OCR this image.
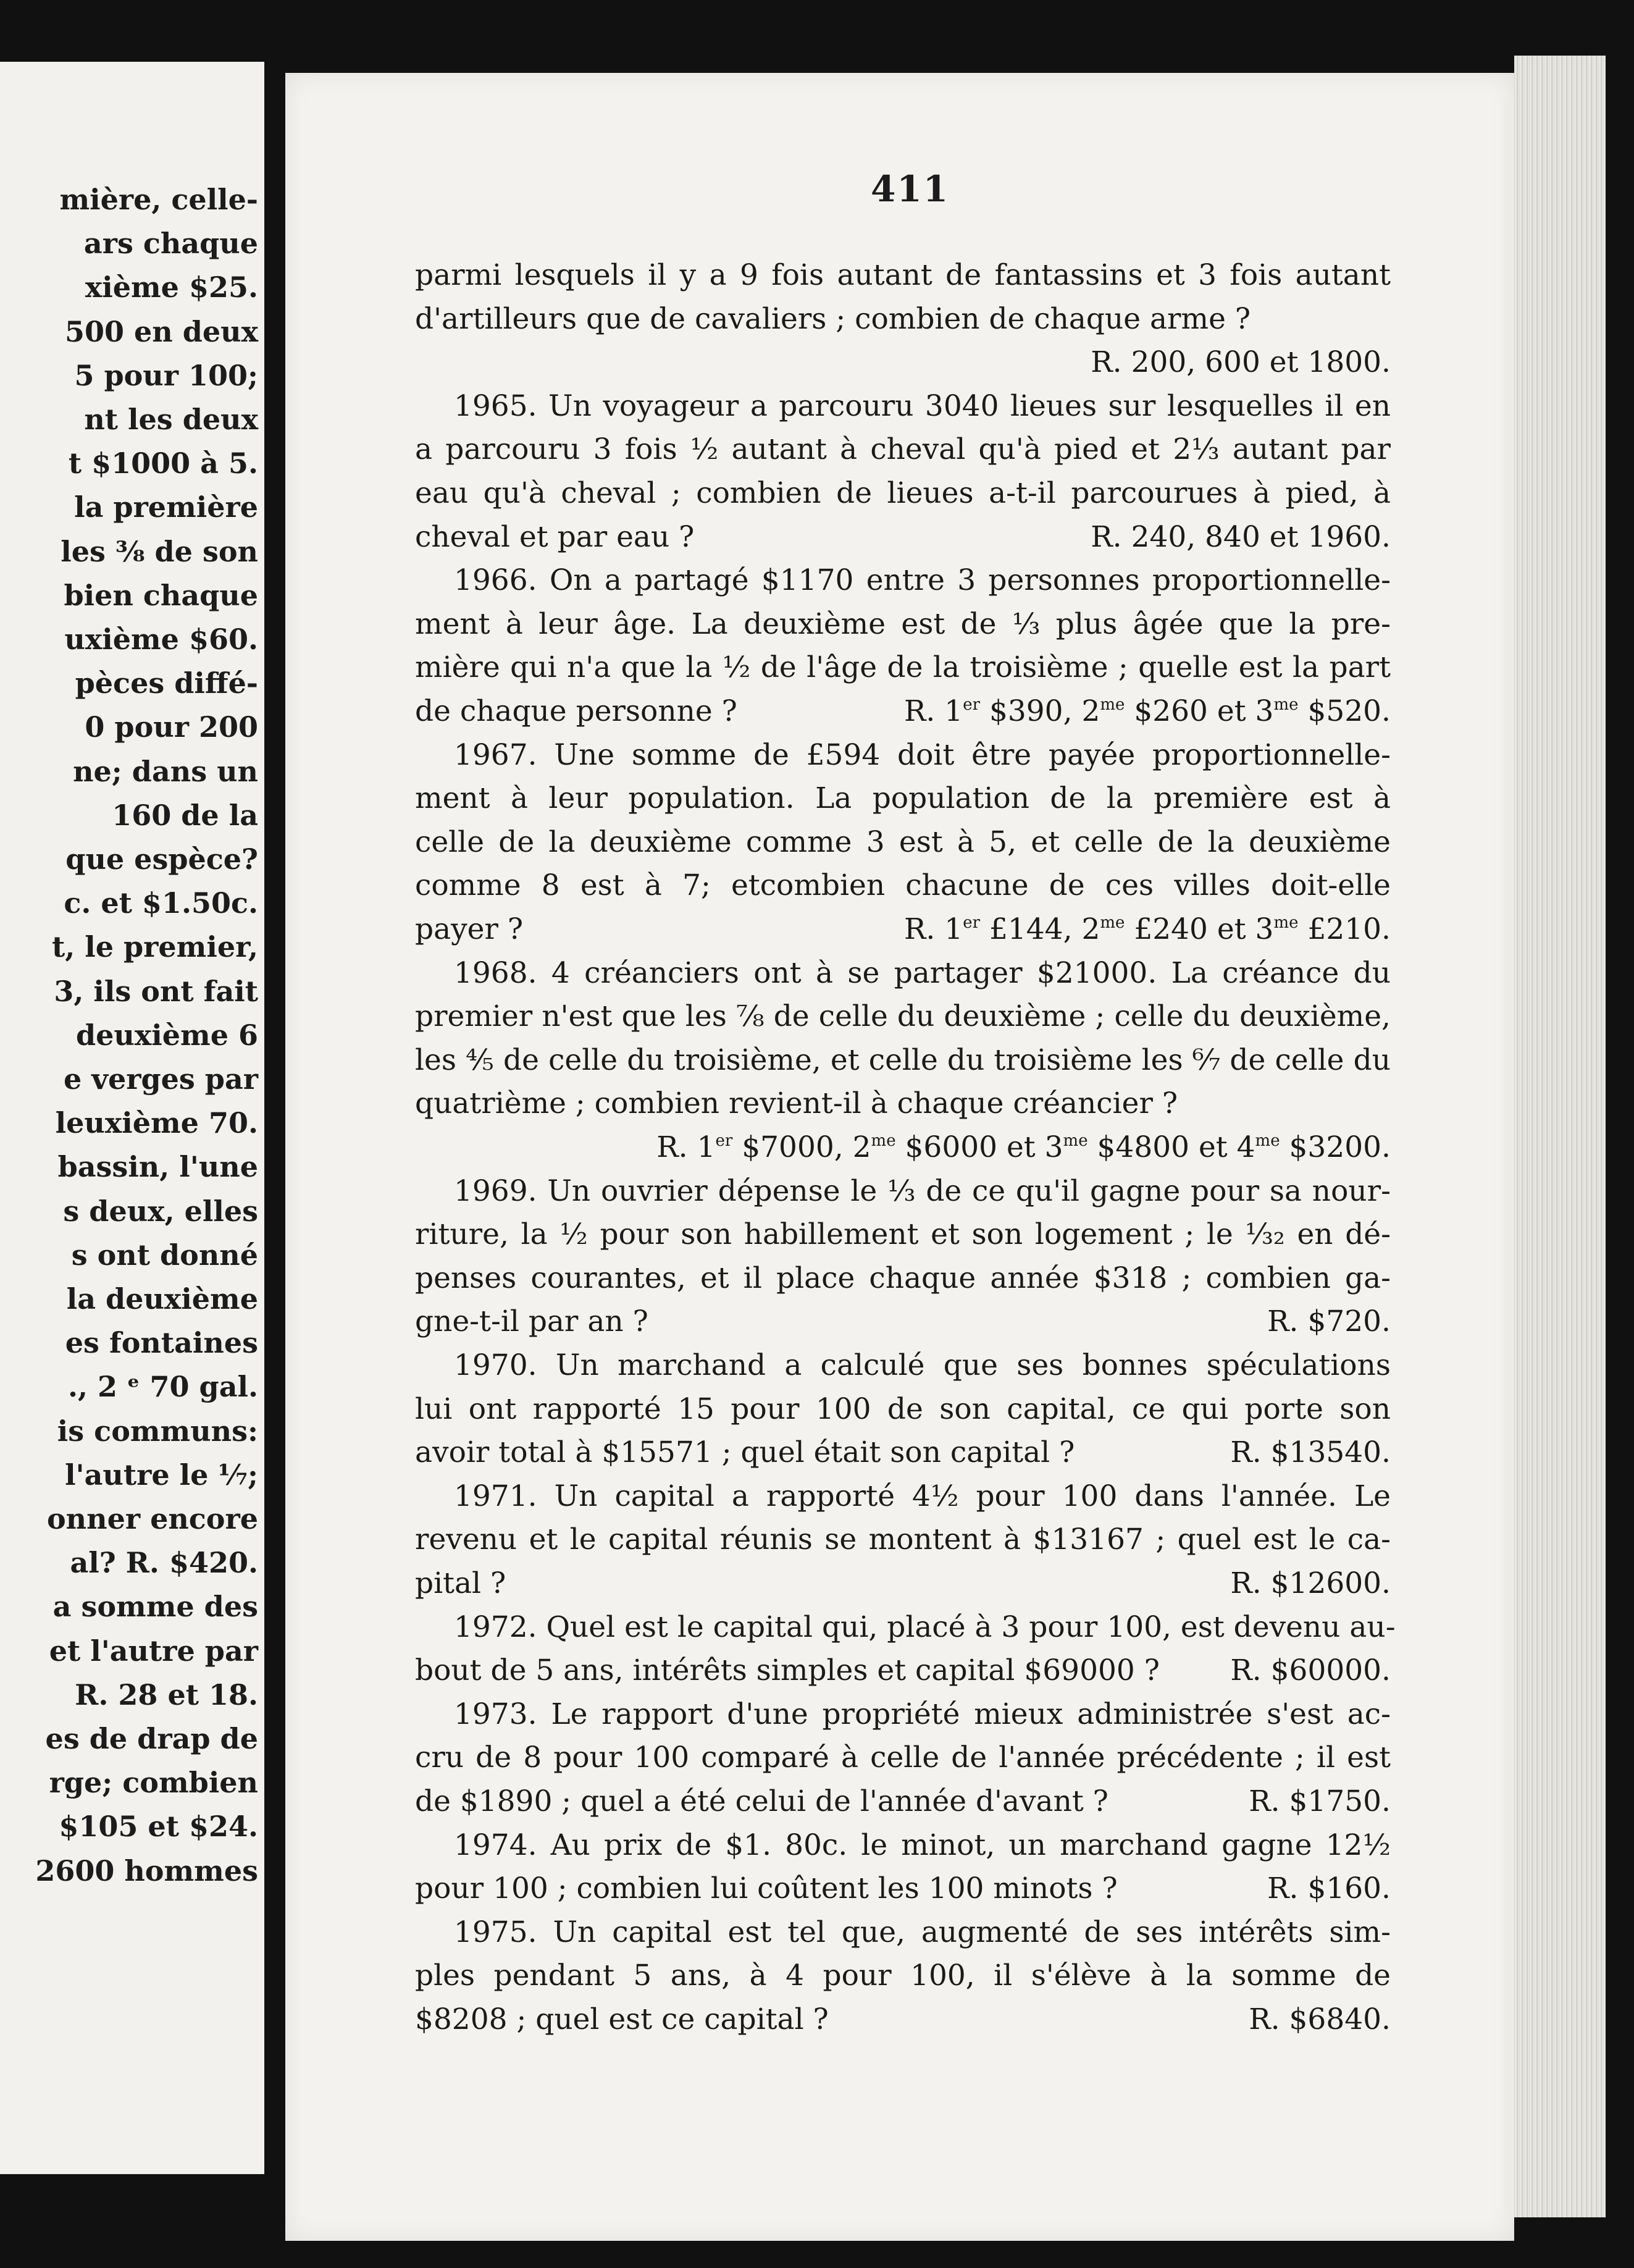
mière, celle-
ars chaque
xième $25.
500 en deux
5 pour 100;
nt les deux
t $1000 à 5.
la première
les ⅜ de son
bien chaque
uxième $60.
pèces diffé-
0 pour 200
ne; dans un
160 de la
que espèce?
c. et $1.50c.
t, le premier,
3, ils ont fait
deuxième 6
e verges par
leuxième 70.
bassin, l'une
s deux, elles
s ont donné
la deuxième
es fontaines
., 2 ᵉ 70 gal.
is communs:
l'autre le ⅐;
onner encore
al? R. $420.
a somme des
et l'autre par
R. 28 et 18.
es de drap de
rge; combien
$105 et $24.
2600 hommes
411
parmi lesquels il y a 9 fois autant de fantassins et 3 fois autant
d'artilleurs que de cavaliers ; combien de chaque arme ?
R. 200, 600 et 1800.
1965. Un voyageur a parcouru 3040 lieues sur lesquelles il en
a parcouru 3 fois ½ autant à cheval qu'à pied et 2⅓ autant par
eau qu'à cheval ; combien de lieues a-t-il parcourues à pied, à
cheval et par eau ?	R. 240, 840 et 1960.
1966. On a partagé $1170 entre 3 personnes proportionnelle-
ment à leur âge. La deuxième est de ⅓ plus âgée que la pre-
mière qui n'a que la ½ de l'âge de la troisième ; quelle est la part
de chaque personne ?	R. 1er $390, $2^{me}$ $260 et $3^{me}$ $520.
1967. Une somme de £594 doit être payée proportionnelle-
ment à leur population. La population de la première est à
celle de la deuxième comme 3 est à 5, et celle de la deuxième
comme 8 est à 7; etcombien chacune de ces villes doit-elle
payer ?	R. 1er £144, $2^{me}$ £240 et $3^{me}$ £210.
1968. 4 créanciers ont à se partager $21000. La créance du
premier n'est que les ⅞ de celle du deuxième ; celle du deuxième,
les ⅘ de celle du troisième, et celle du troisième les ⁶⁄₇ de celle du
quatrième ; combien revient-il à chaque créancier ?
R. 1er $7000, $2^{me}$ $6000 et $3^{me}$ $4800 et $4^{me}$ $3200.
1969. Un ouvrier dépense le ⅓ de ce qu'il gagne pour sa nour-
riture, la ½ pour son habillement et son logement ; le ¹⁄₃₂ en dé-
penses courantes, et il place chaque année $318 ; combien ga-
gne-t-il par an ?	R. $720.
1970. Un marchand a calculé que ses bonnes spéculations
lui ont rapporté 15 pour 100 de son capital, ce qui porte son
avoir total à $15571 ; quel était son capital ?	R. $13540.
1971. Un capital a rapporté 4½ pour 100 dans l'année. Le
revenu et le capital réunis se montent à $13167 ; quel est le ca-
pital ?	R. $12600.
1972. Quel est le capital qui, placé à 3 pour 100, est devenu au-
bout de 5 ans, intérêts simples et capital $69000 ? R. $60000.
1973. Le rapport d'une propriété mieux administrée s'est ac-
cru de 8 pour 100 comparé à celle de l'année précédente ; il est
de $1890 ; quel a été celui de l'année d'avant ?	R. $1750.
1974. Au prix de $1. 80c. le minot, un marchand gagne 12½
pour 100 ; combien lui coûtent les 100 minots ?	R. $160.
1975. Un capital est tel que, augmenté de ses intérêts sim-
ples pendant 5 ans, à 4 pour 100, il s'élève à la somme de
$8208 ; quel est ce capital ?	R. $6840.
